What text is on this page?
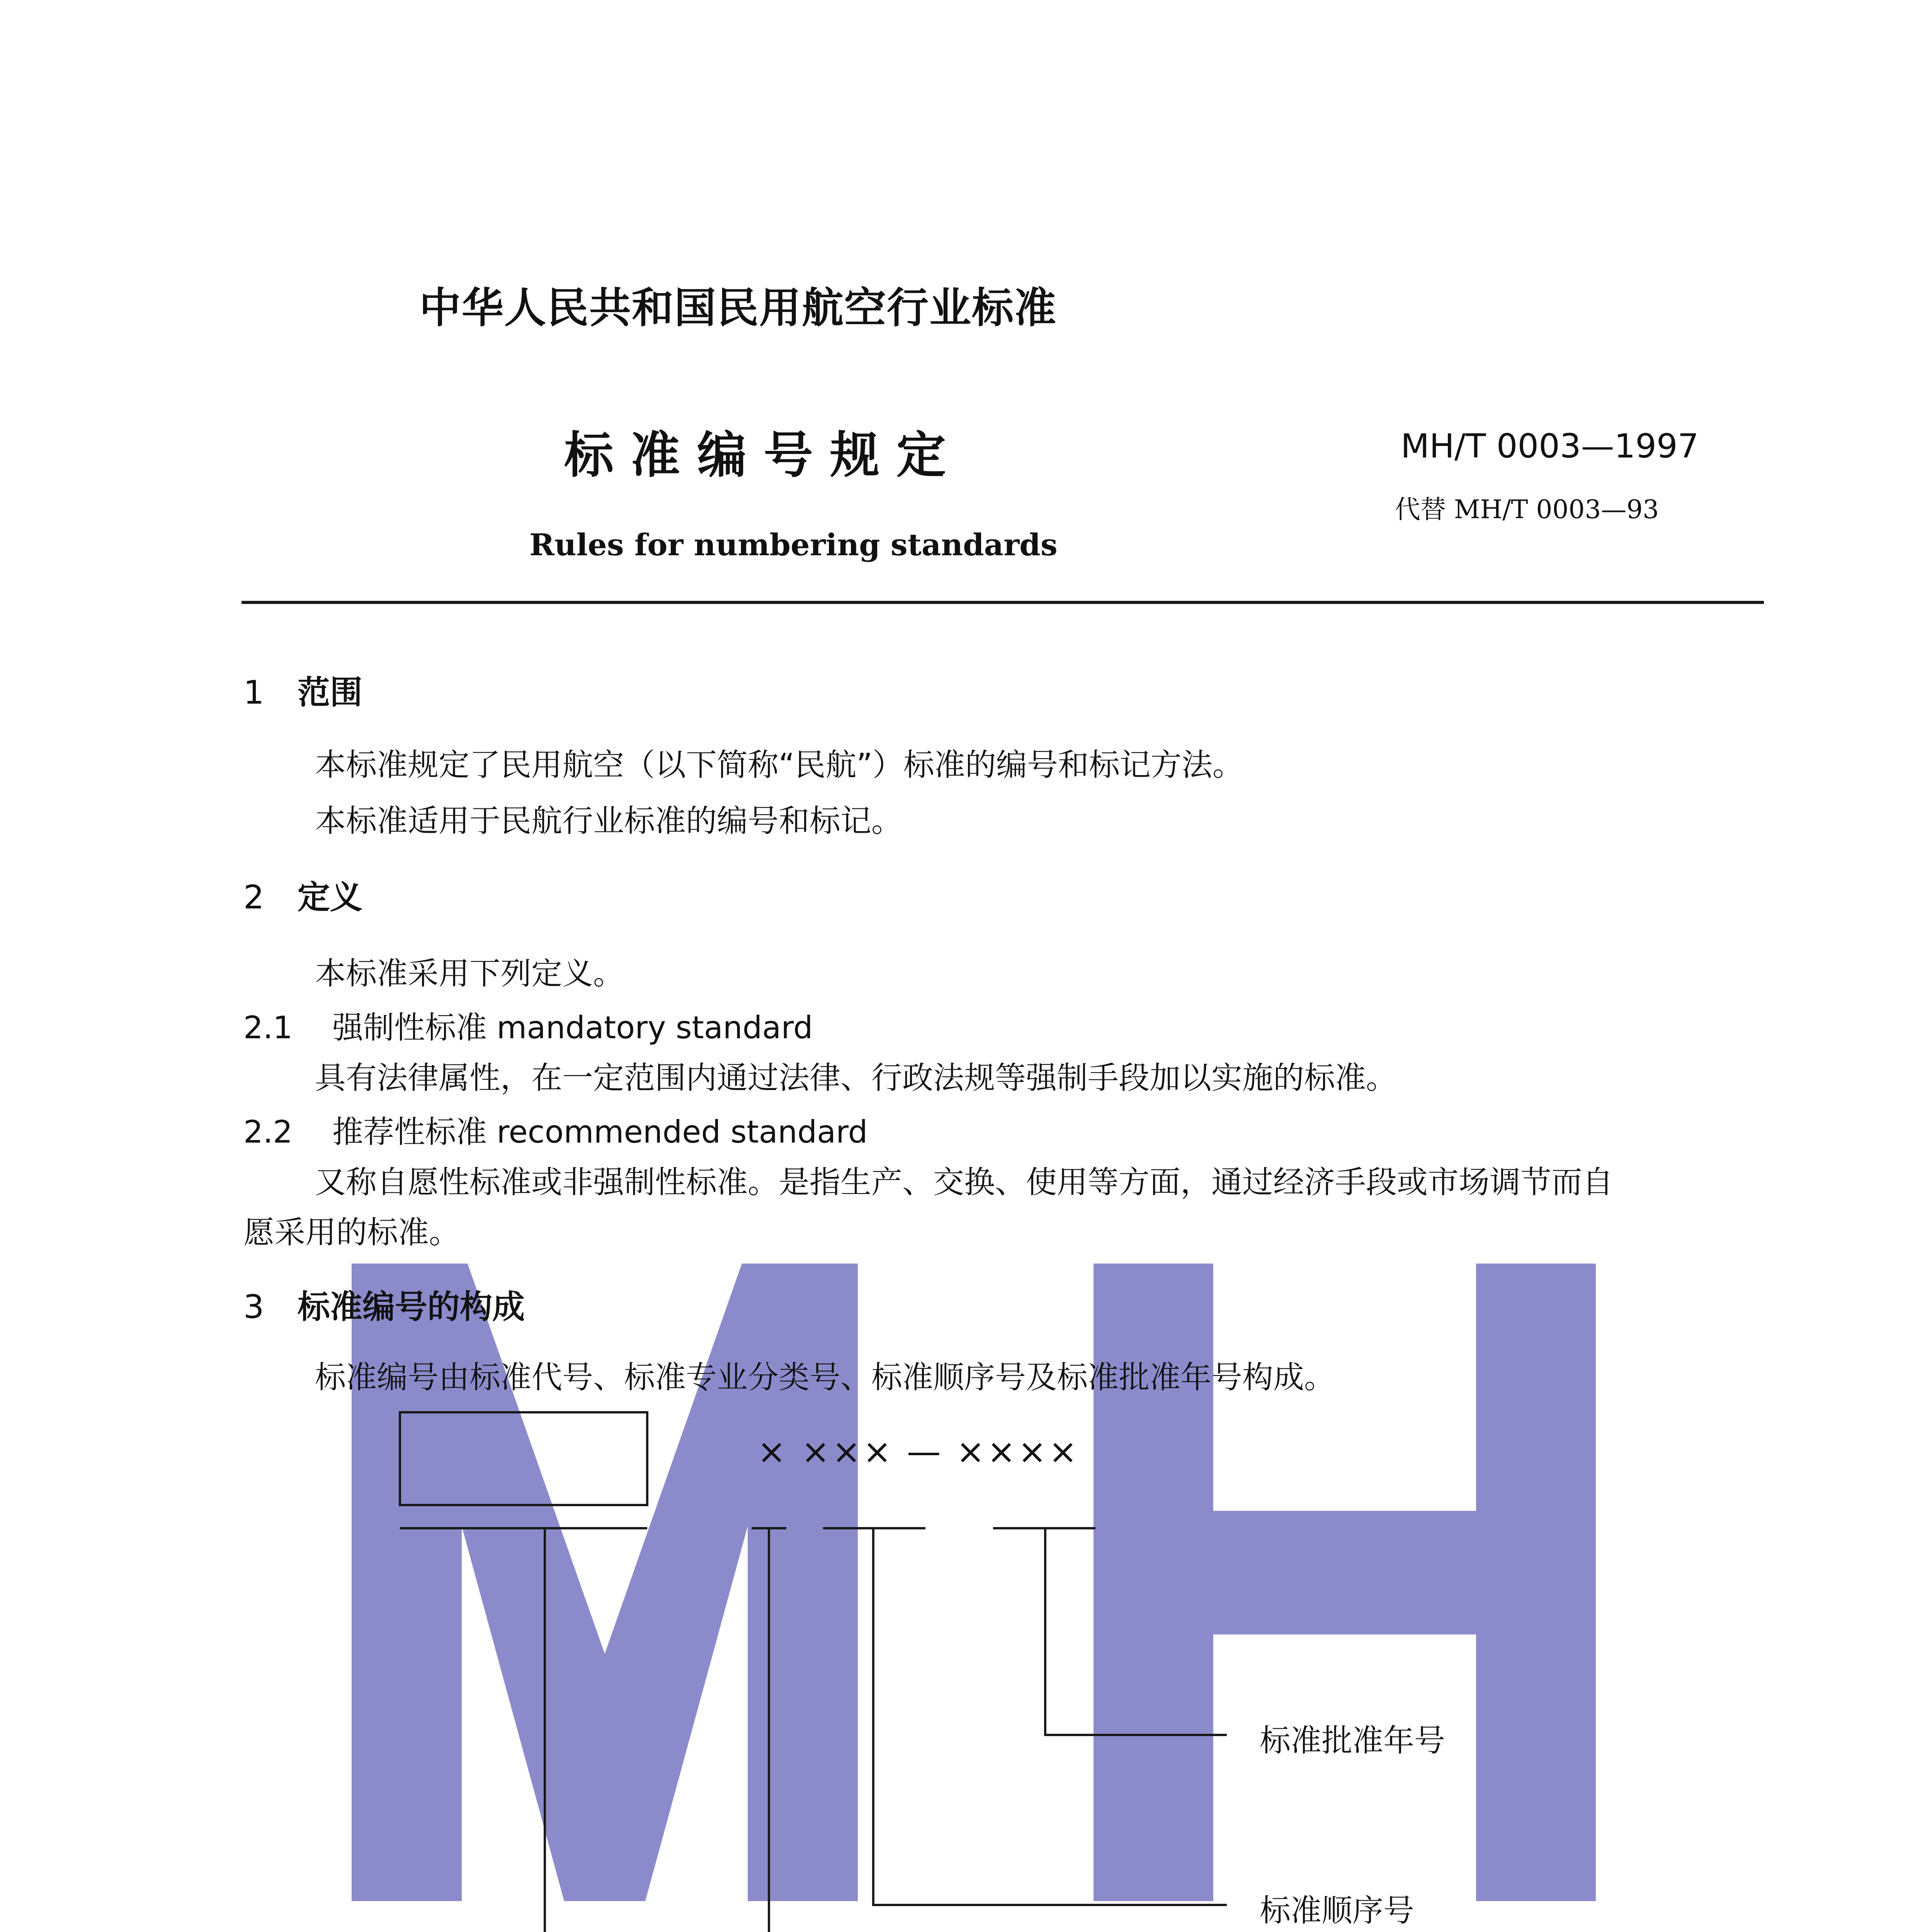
中华人民共和国民用航空行业标准
标准编号规定	MH/T 0003—1997
代替 MH/T 0003—93
Rules for numbering standards
1 范围
本标准规定了民用航空（以下简称“民航”）标准的编号和标记方法。
本标准适用于民航行业标准的编号和标记。
2 定义
本标准采用下列定义。
2.1 强制性标准 mandatory standard
具有法律属性，在一定范围内通过法律、行政法规等强制手段加以实施的标准。
2.2 推荐性标准 recommended standard
又称自愿性标准或非强制性标准。是指生产、交换、使用等方面，通过经济手段或市场调节而自
愿采用的标准。
3 标准编号的构成
标准编号由标准代号、标准专业分类号、标准顺序号及标准批准年号构成。
× ××× — ××××
标准批准年号
标准顺序号
